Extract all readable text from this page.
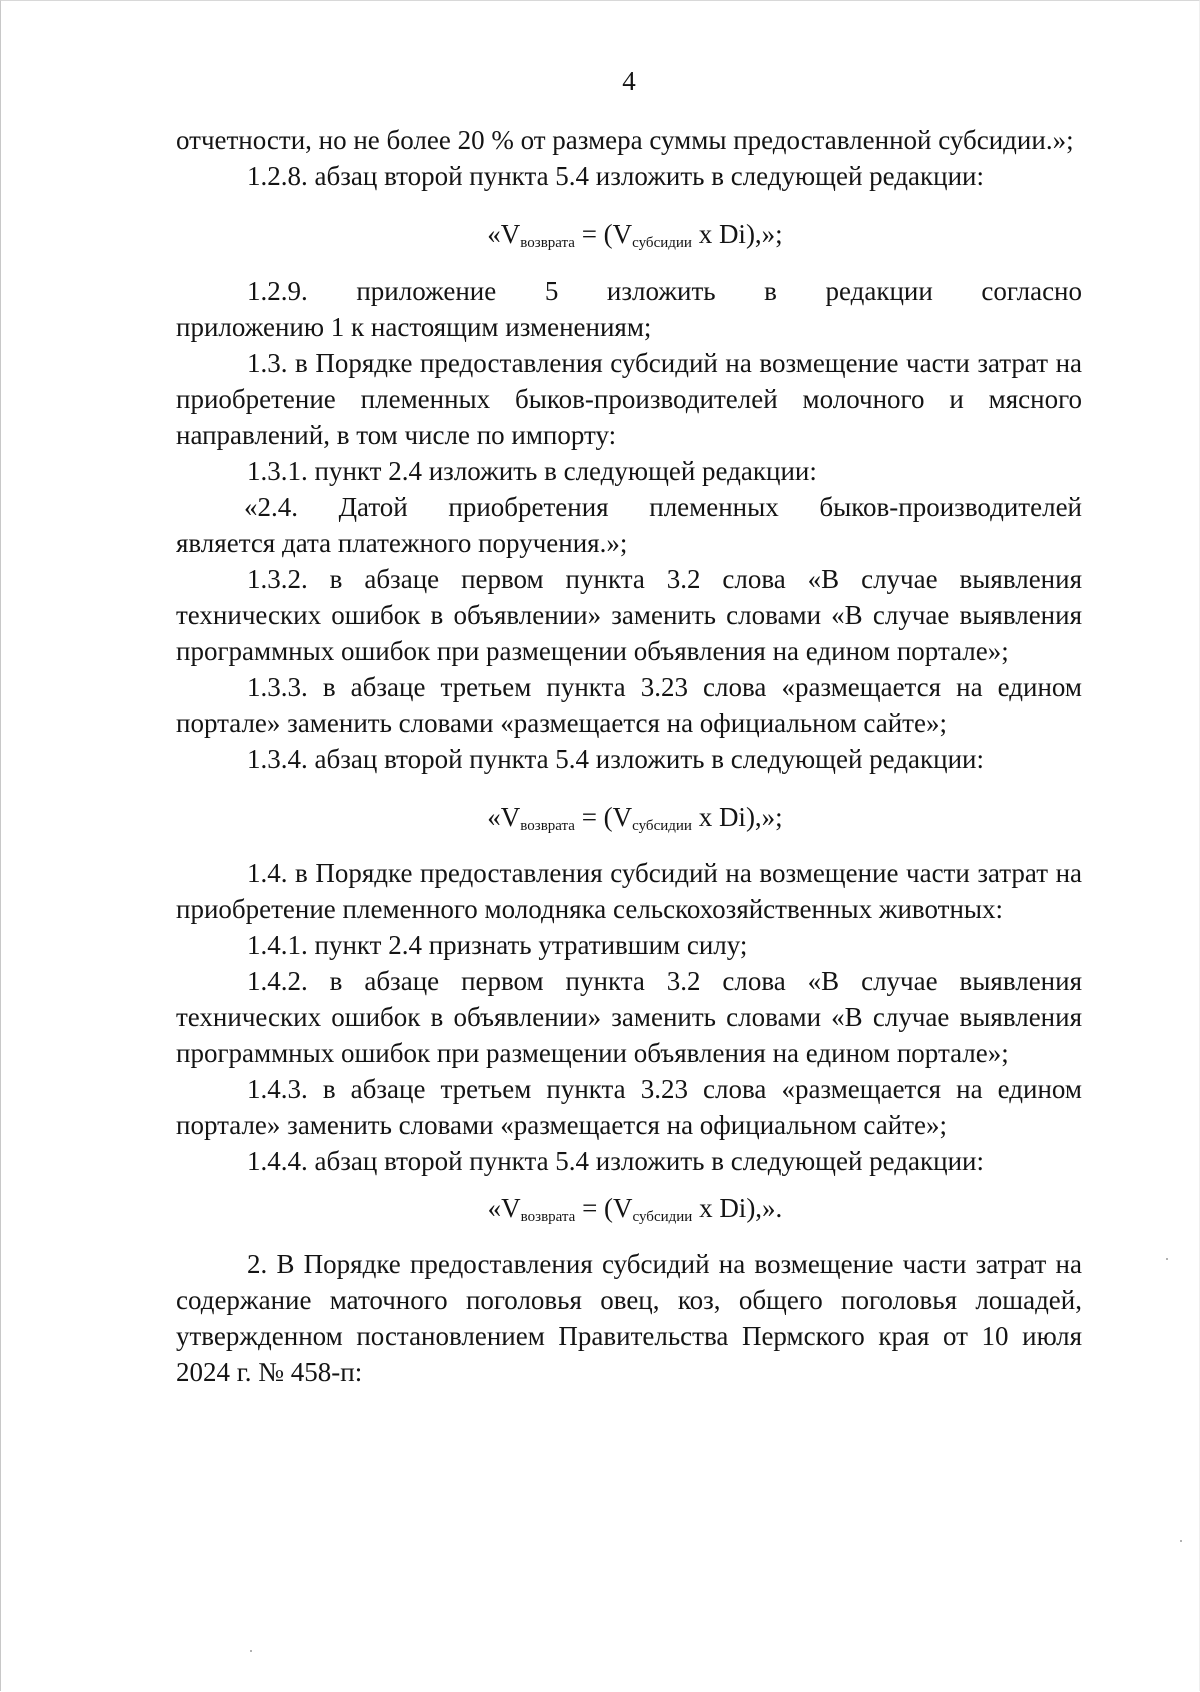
4

отчетности, но не более 20 % от размера суммы предоставленной субсидии.»;

1.2.8. абзац второй пункта 5.4 изложить в следующей редакции:

«$V_{возврата} = (V_{субсидии}$ x Di),»;

1.2.9. приложение 5 изложить в редакции согласно

приложению 1 к настоящим изменениям;

1.3. в Порядке предоставления субсидий на возмещение части затрат на приобретение племенных быков-производителей молочного и мясного направлений, в том числе по импорту:

1.3.1. пункт 2.4 изложить в следующей редакции:

«2.4. Датой приобретения племенных быков-производителей

является дата платежного поручения.»;

1.3.2. в абзаце первом пункта 3.2 слова «В случае выявления технических ошибок в объявлении» заменить словами «В случае выявления программных ошибок при размещении объявления на едином портале»;

1.3.3. в абзаце третьем пункта 3.23 слова «размещается на едином портале» заменить словами «размещается на официальном сайте»;

1.3.4. абзац второй пункта 5.4 изложить в следующей редакции:

«$V_{возврата} = (V_{субсидии}$ x Di),»;

1.4. в Порядке предоставления субсидий на возмещение части затрат на приобретение племенного молодняка сельскохозяйственных животных:

1.4.1. пункт 2.4 признать утратившим силу;

1.4.2. в абзаце первом пункта 3.2 слова «В случае выявления технических ошибок в объявлении» заменить словами «В случае выявления программных ошибок при размещении объявления на едином портале»;

1.4.3. в абзаце третьем пункта 3.23 слова «размещается на едином портале» заменить словами «размещается на официальном сайте»;

1.4.4. абзац второй пункта 5.4 изложить в следующей редакции:

«$V_{возврата} = (V_{субсидии}$ x Di),».

2. В Порядке предоставления субсидий на возмещение части затрат на содержание маточного поголовья овец, коз, общего поголовья лошадей, утвержденном постановлением Правительства Пермского края от 10 июля 2024 г. № 458-п:
